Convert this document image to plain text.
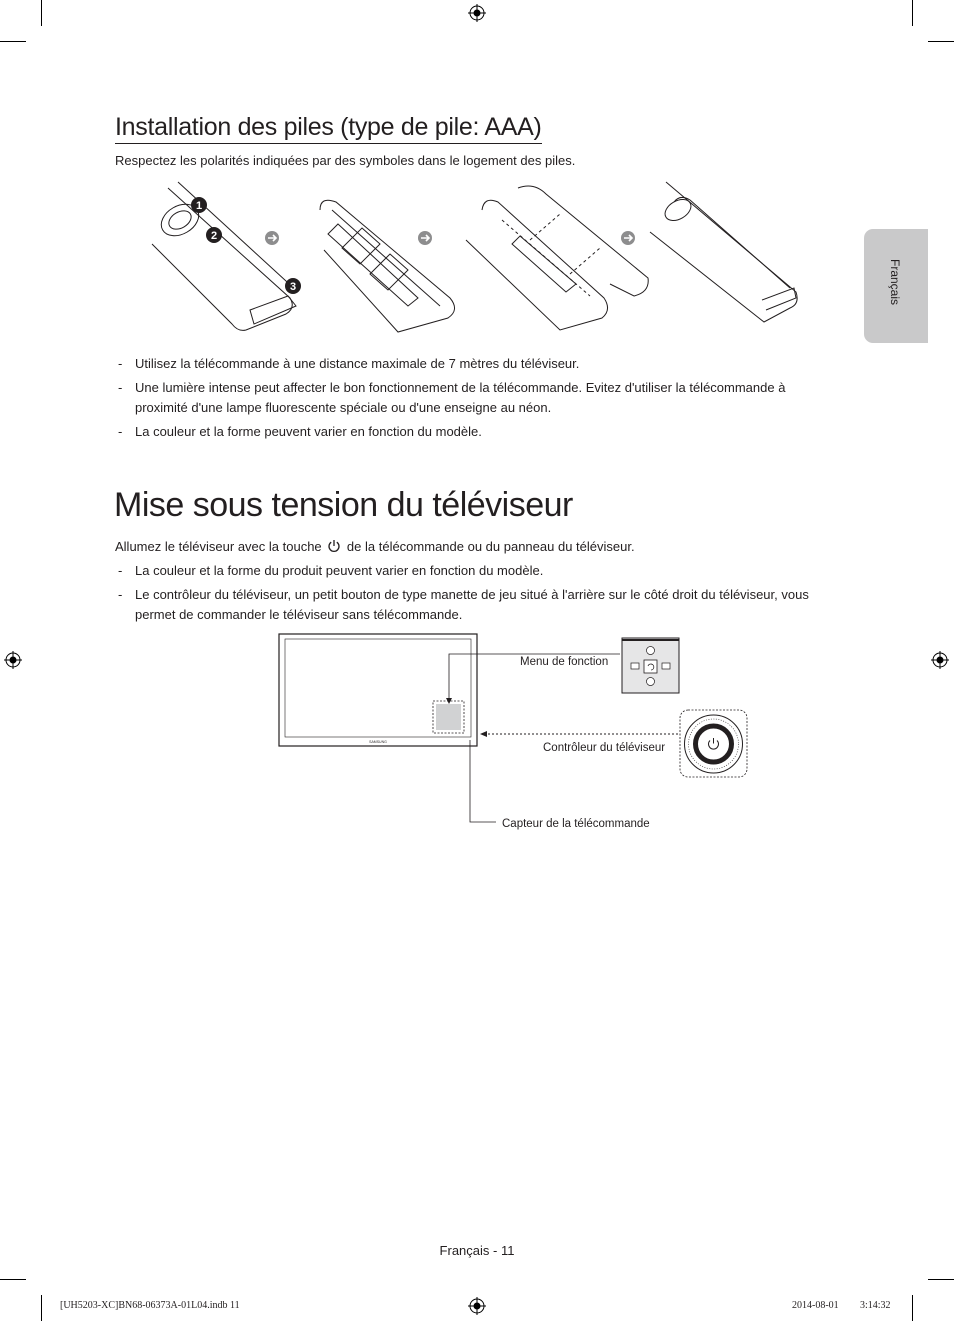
Français
Installation des piles (type de pile: AAA)
Respectez les polarités indiquées par des symboles dans le logement des piles.
1
2
3
- Utilisez la télécommande à une distance maximale de 7 mètres du téléviseur.
- Une lumière intense peut affecter le bon fonctionnement de la télécommande. Evitez d'utiliser la télécommande à proximité d'une lampe fluorescente spéciale ou d'une enseigne au néon.
- La couleur et la forme peuvent varier en fonction du modèle.
Mise sous tension du téléviseur
Allumez le téléviseur avec la touche de la télécommande ou du panneau du téléviseur.
- La couleur et la forme du produit peuvent varier en fonction du modèle.
- Le contrôleur du téléviseur, un petit bouton de type manette de jeu situé à l'arrière sur le côté droit du téléviseur, vous permet de commander le téléviseur sans télécommande.
SAMSUNG
Menu de fonction
Contrôleur du téléviseur
Capteur de la télécommande
Français - 11
[UH5203-XC]BN68-06373A-01L04.indb 11	2014-08-01 3:14:32
